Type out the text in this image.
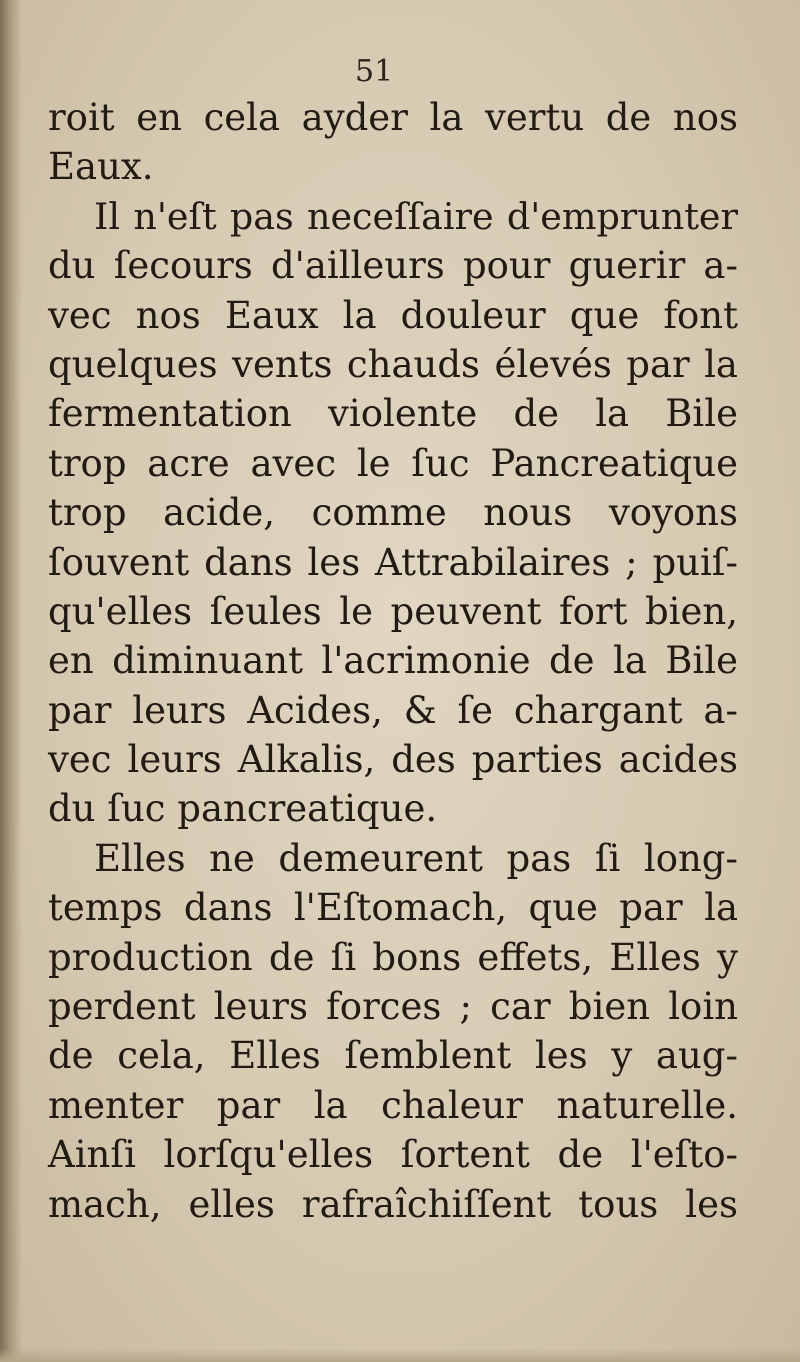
51
roit en cela ayder la vertu de nos
Eaux.
Il n'eſt pas neceſſaire d'emprunter
du ſecours d'ailleurs pour guerir a-
vec nos Eaux la douleur que font
quelques vents chauds élevés par la
fermentation violente de la Bile
trop acre avec le ſuc Pancreatique
trop acide, comme nous voyons
ſouvent dans les Attrabilaires ; puiſ-
qu'elles ſeules le peuvent fort bien,
en diminuant l'acrimonie de la Bile
par leurs Acides, & ſe chargant a-
vec leurs Alkalis, des parties acides
du ſuc pancreatique.
Elles ne demeurent pas ſi long-
temps dans l'Eſtomach, que par la
production de ſi bons effets, Elles y
perdent leurs forces ; car bien loin
de cela, Elles ſemblent les y aug-
menter par la chaleur naturelle.
Ainſi lorſqu'elles ſortent de l'eſto-
mach, elles rafraîchiſſent tous les
